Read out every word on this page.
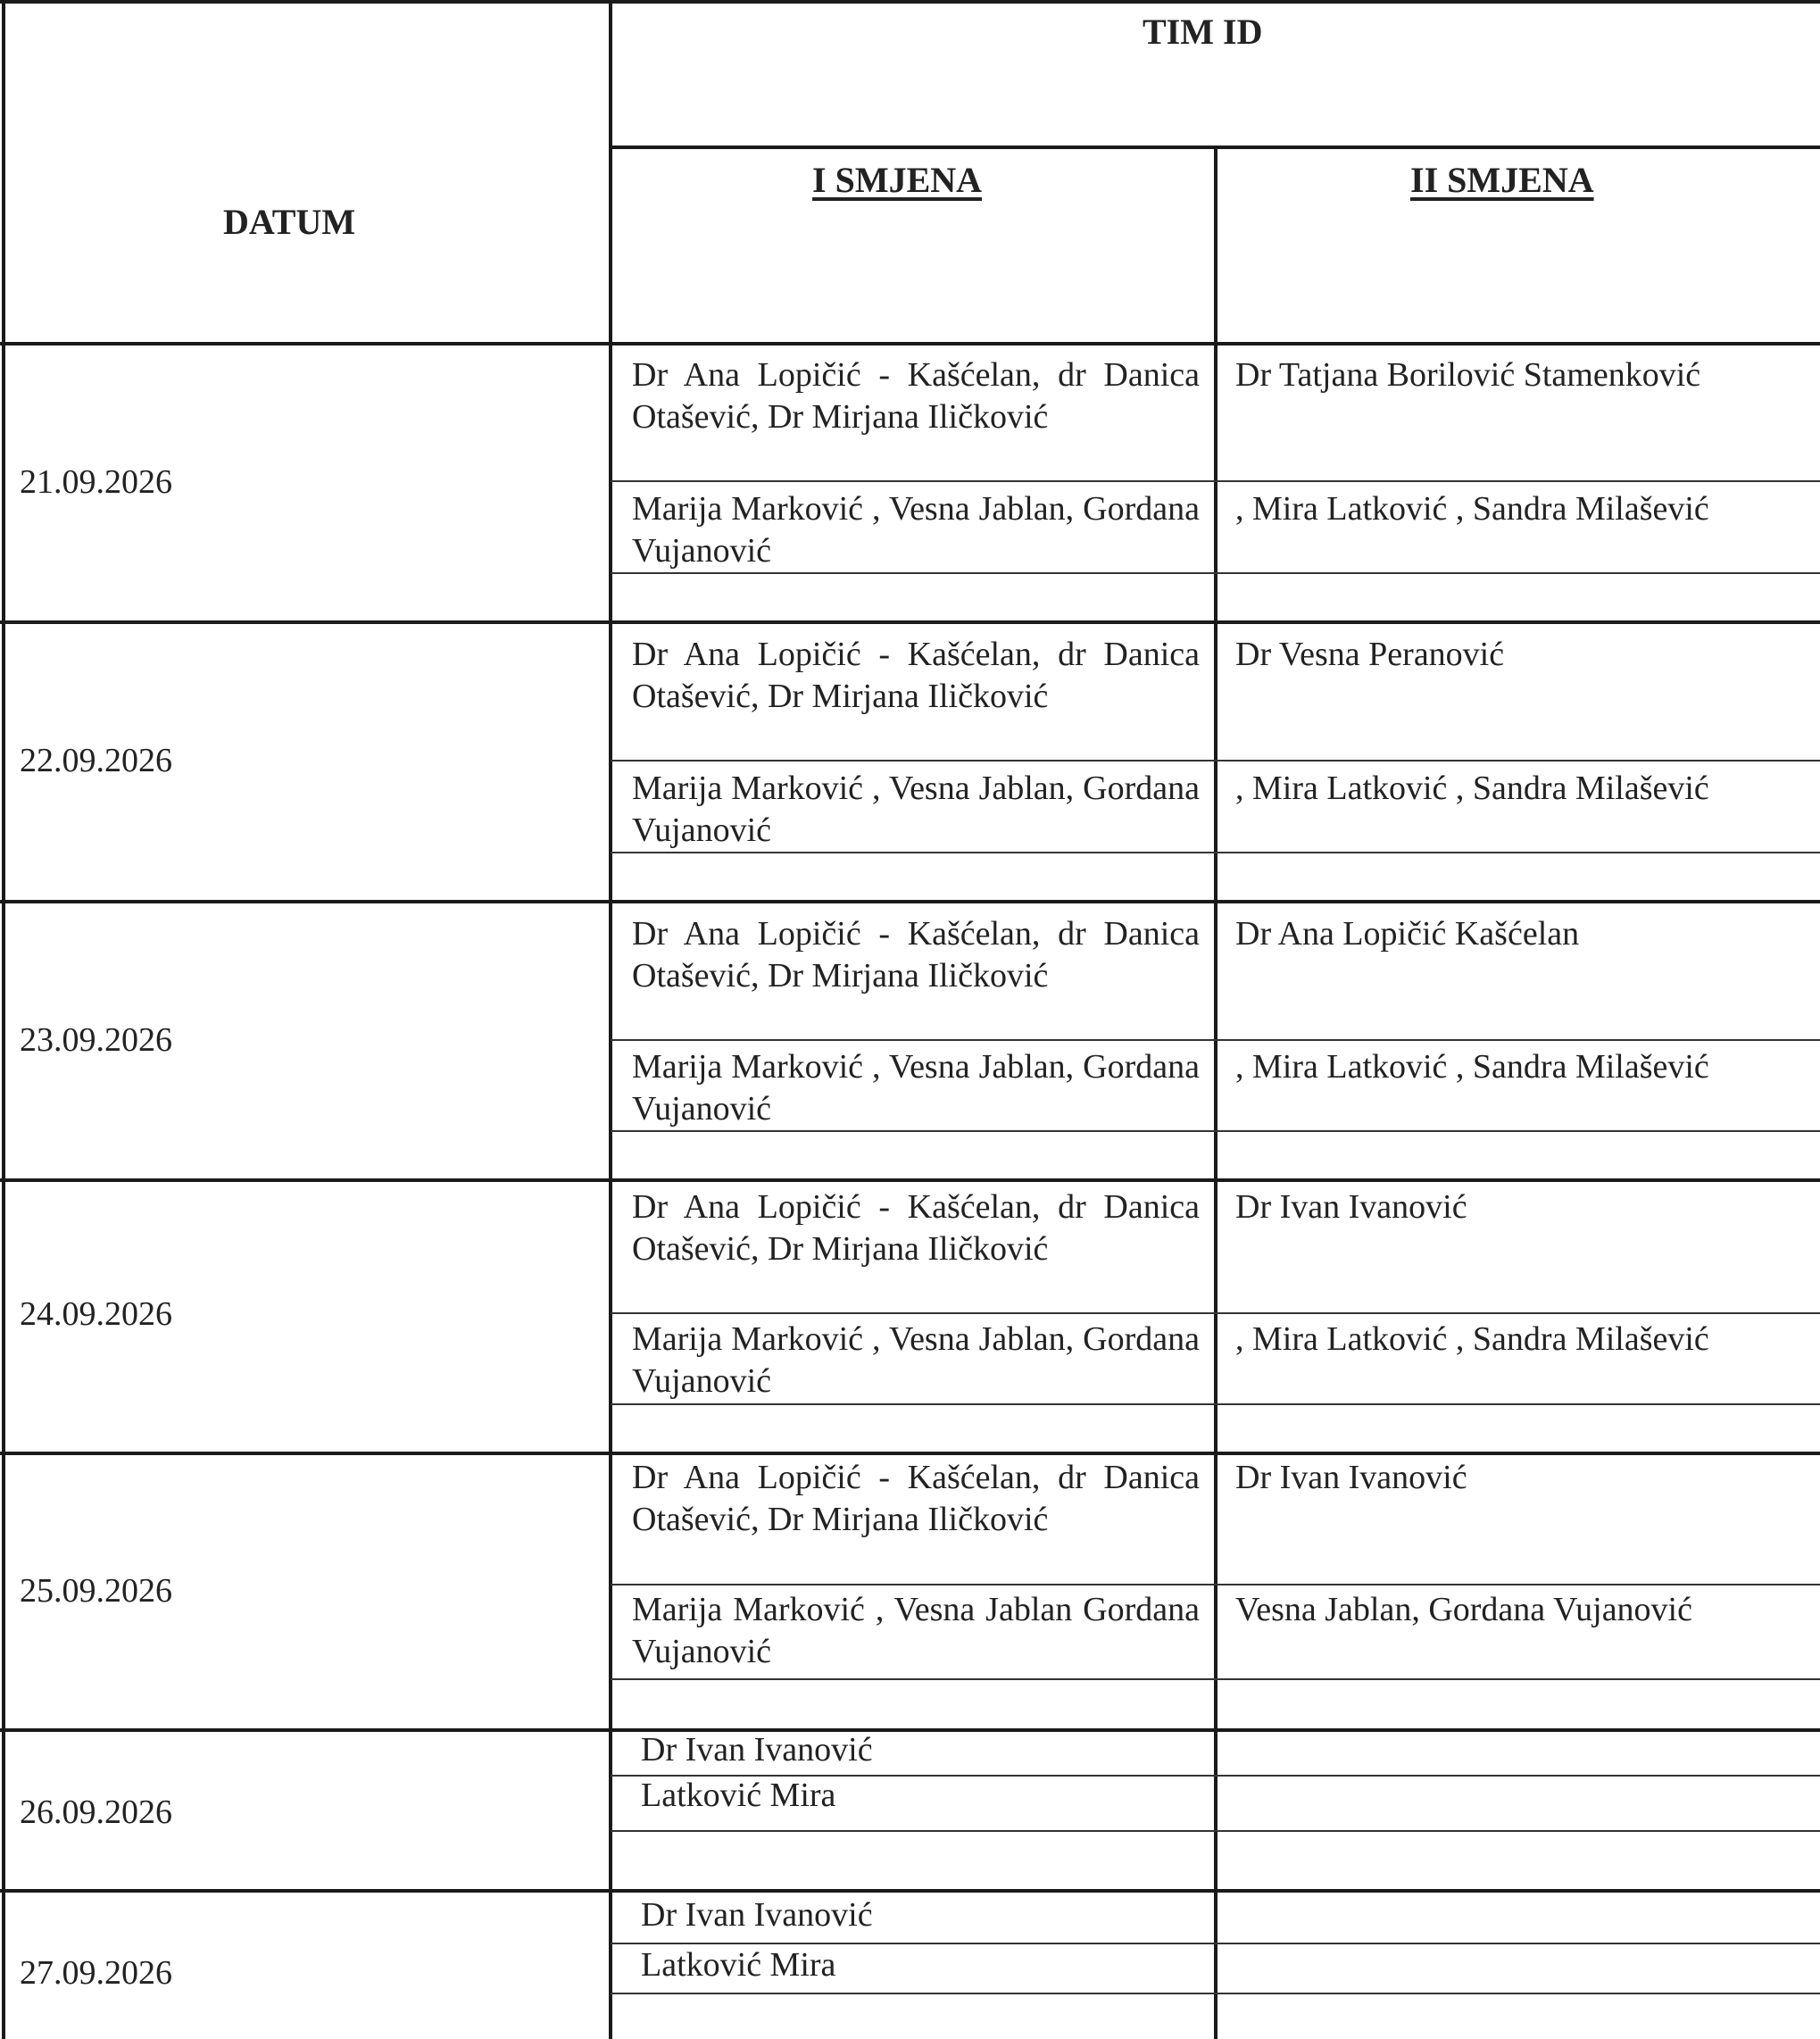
DATUM
TIM ID
I SMJENA	II SMJENA
21.09.2026
Dr Ana Lopičić - Kašćelan, dr Danica Otašević, Dr Mirjana Iličković
Marija Marković , Vesna Jablan, Gordana Vujanović
Dr Tatjana Borilović Stamenković
, Mira Latković , Sandra Milašević
22.09.2026
Dr Ana Lopičić - Kašćelan, dr Danica Otašević, Dr Mirjana Iličković
Marija Marković , Vesna Jablan, Gordana Vujanović
Dr Vesna Peranović
, Mira Latković , Sandra Milašević
23.09.2026
Dr Ana Lopičić - Kašćelan, dr Danica Otašević, Dr Mirjana Iličković
Marija Marković , Vesna Jablan, Gordana Vujanović
Dr Ana Lopičić Kašćelan
, Mira Latković , Sandra Milašević
24.09.2026
Dr Ana Lopičić - Kašćelan, dr Danica Otašević, Dr Mirjana Iličković
Marija Marković , Vesna Jablan, Gordana Vujanović
Dr Ivan Ivanović
, Mira Latković , Sandra Milašević
25.09.2026
Dr Ana Lopičić - Kašćelan, dr Danica Otašević, Dr Mirjana Iličković
Marija Marković , Vesna Jablan Gordana Vujanović
Dr Ivan Ivanović
Vesna Jablan, Gordana Vujanović
26.09.2026
Dr Ivan Ivanović
Latković Mira
27.09.2026
Dr Ivan Ivanović
Latković Mira
